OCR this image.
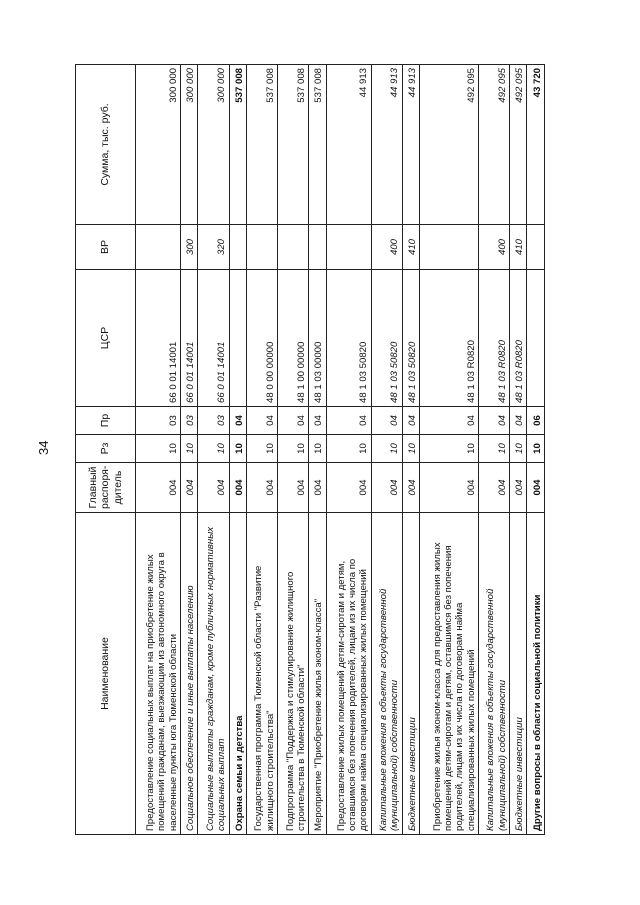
34
Наименование	Главный распоря-дитель	Рз	Пр	ЦСР	ВР	Сумма, тыс. руб.
Предоставление социальных выплат на приобретение жилых помещений гражданам, выезжающим из автономного округа в населенные пункты юга Тюменской области	004	10	03	66 0 01 14001		300 000
Социальное обеспечение и иные выплаты населению	004	10	03	66 0 01 14001	300	300 000
Социальные выплаты гражданам, кроме публичных нормативных социальных выплат	004	10	03	66 0 01 14001	320	300 000
Охрана семьи и детства	004	10	04			537 008
Государственная программа Тюменской области "Развитие жилищного строительства"	004	10	04	48 0 00 00000		537 008
Подпрограмма "Поддержка и стимулирование жилищного строительства в Тюменской области"	004	10	04	48 1 00 00000		537 008
Мероприятие "Приобретение жилья эконом-класса"	004	10	04	48 1 03 00000		537 008
Предоставление жилых помещений детям-сиротам и детям, оставшимся без попечения родителей, лицам из их числа по договорам найма специализированных жилых помещений	004	10	04	48 1 03 50820		44 913
Капитальные вложения в объекты государственной (муниципальной) собственности	004	10	04	48 1 03 50820	400	44 913
Бюджетные инвестиции	004	10	04	48 1 03 50820	410	44 913
Приобретение жилья эконом-класса для предоставления жилых помещений детям-сиротам и детям, оставшимся без попечения родителей, лицам из их числа по договорам найма специализированных жилых помещений	004	10	04	48 1 03 R0820		492 095
Капитальные вложения в объекты государственной (муниципальной) собственности	004	10	04	48 1 03 R0820	400	492 095
Бюджетные инвестиции	004	10	04	48 1 03 R0820	410	492 095
Другие вопросы в области социальной политики	004	10	06			43 720
